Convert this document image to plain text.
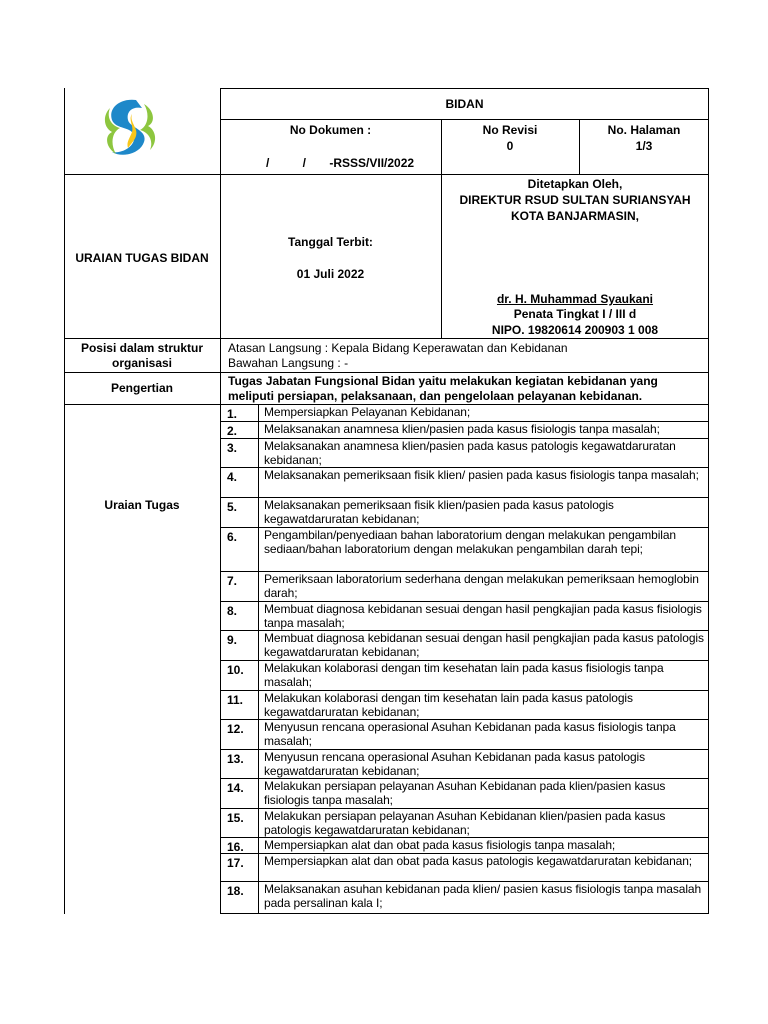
BIDAN
No Dokumen :
/          /       -RSSS/VII/2022
No Revisi
0
No. Halaman
1/3
URAIAN TUGAS BIDAN
Tanggal Terbit:
01 Juli 2022
Ditetapkan Oleh,
DIREKTUR RSUD SULTAN SURIANSYAH
KOTA BANJARMASIN,
dr. H. Muhammad Syaukani
Penata Tingkat I / III d
NIPO. 19820614 200903 1 008
Posisi dalam struktur
organisasi
Atasan Langsung : Kepala Bidang Keperawatan dan Kebidanan
Bawahan Langsung : -
Pengertian	Tugas Jabatan Fungsional Bidan yaitu melakukan kegiatan kebidanan yang
meliputi persiapan, pelaksanaan, dan pengelolaan pelayanan kebidanan.
Uraian Tugas
1. Mempersiapkan Pelayanan Kebidanan;
2. Melaksanakan anamnesa klien/pasien pada kasus fisiologis tanpa masalah;
3. Melaksanakan anamnesa klien/pasien pada kasus patologis kegawatdaruratan kebidanan;
4. Melaksanakan pemeriksaan fisik klien/ pasien pada kasus fisiologis tanpa masalah;
5. Melaksanakan pemeriksaan fisik klien/pasien pada kasus patologis kegawatdaruratan kebidanan;
6. Pengambilan/penyediaan bahan laboratorium dengan melakukan pengambilan sediaan/bahan laboratorium dengan melakukan pengambilan darah tepi;
7. Pemeriksaan laboratorium sederhana dengan melakukan pemeriksaan hemoglobin darah;
8. Membuat diagnosa kebidanan sesuai dengan hasil pengkajian pada kasus fisiologis tanpa masalah;
9. Membuat diagnosa kebidanan sesuai dengan hasil pengkajian pada kasus patologis kegawatdaruratan kebidanan;
10. Melakukan kolaborasi dengan tim kesehatan lain pada kasus fisiologis tanpa masalah;
11. Melakukan kolaborasi dengan tim kesehatan lain pada kasus patologis kegawatdaruratan kebidanan;
12. Menyusun rencana operasional Asuhan Kebidanan pada kasus fisiologis tanpa masalah;
13. Menyusun rencana operasional Asuhan Kebidanan pada kasus patologis kegawatdaruratan kebidanan;
14. Melakukan persiapan pelayanan Asuhan Kebidanan pada klien/pasien kasus fisiologis tanpa masalah;
15. Melakukan persiapan pelayanan Asuhan Kebidanan klien/pasien pada kasus patologis kegawatdaruratan kebidanan;
16. Mempersiapkan alat dan obat pada kasus fisiologis tanpa masalah;
17. Mempersiapkan alat dan obat pada kasus patologis kegawatdaruratan kebidanan;
18. Melaksanakan asuhan kebidanan pada klien/ pasien kasus fisiologis tanpa masalah pada persalinan kala I;
